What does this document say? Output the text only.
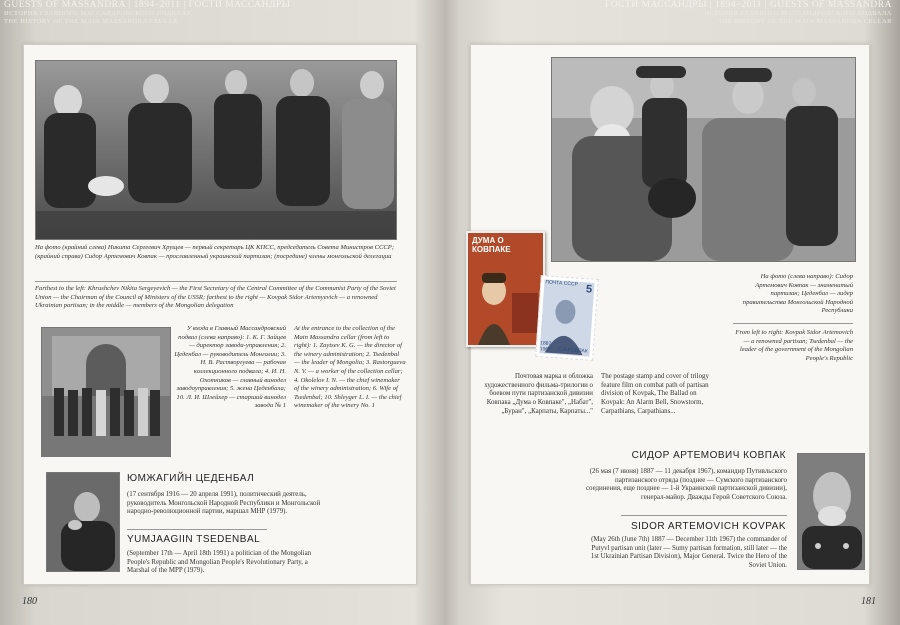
GUESTS OF MASSANDRA | 1894–2011 | ГОСТИ МАССАНДРЫ
ИСТОРИЯ ГЛАВНОГО МАССАНДРОВСКОГО ПОДВАЛА
THE HISTORY OF THE MAIN MASSANDRA CELLAR
На фото (крайний слева) Никита Сергеевич Хрущев — первый секретарь ЦК КПСС, председатель Совета Министров СССР; (крайний справа) Сидор Артемович Ковпак — прославленный украинский партизан; (посредине) члены монгольской делегации
Farthest to the left: Khrushchev Nikita Sergeyevich — the First Secretary of the Central Committee of the Communist Party of the Soviet Union — the Chairman of the Council of Ministers of the USSR; farthest to the right — Kovpak Sidor Artemyevich — a renowned Ukrainian partisan; in the middle — members of the Mongolian delegation
У входа в Главный Массандровский подвал (слева направо): 1. К. Г. Зайцев — директор завода-управления; 2. Цеденбал — руководитель Монголии; 3. Н. В. Растворгуева — рабочая коллекционного подвала; 4. И. Н. Охотников — главный винодел заводоуправления; 5. жена Цеденбала; 10. Л. И. Шлейхер — старший винодел завода № 1
At the entrance to the collection of the Main Massandra cellar (from left to right): 1. Zaytsev K. G. — the director of the winery administration; 2. Tsedenbal — the leader of Mongolia; 3. Rastorgueva N. V. — a worker of the collection cellar; 4. Okolelov I. N. — the chief winemaker of the winery administration; 6. Wife of Tsedenbal; 10. Shleyger L. I. — the chief winemaker of the winery No. 1
ЮМЖАГИЙН ЦЕДЕНБАЛ
(17 сентября 1916 — 20 апреля 1991), политический деятель, руководитель Монгольской Народной Республики и Монгольской народно-революционной партии, маршал МНР (1979).
YUMJAAGIIN TSEDENBAL
(September 17th — April 18th 1991) a politician of the Mongolian People's Republic and Mongolian People's Revolutionary Party, a Marshal of the MPP (1979).
180
ГОСТИ МАССАНДРЫ | 1894–2011 | GUESTS OF MASSANDRA
ИСТОРИЯ ГЛАВНОГО МАССАНДРОВСКОГО ПОДВАЛА
THE HISTORY OF THE MAIN MASSANDRA CELLAR
ДУМА О КОВПАКЕ
ПОЧТА СССР 5
1887 1967	С.А.КОВПАК
На фото (слева направо): Сидор Артемович Ковпак — знаменитый партизан; Цеденбал — лидер правительства Монгольской Народной Республики
From left to right: Kovpak Sidor Artemovich — a renowned partisan; Tsedenbal — the leader of the government of the Mongolian People's Republic
Почтовая марка и обложка художественного фильма-трилогии о боевом пути партизанской дивизии Ковпака „Дума о Ковпаке", „Набат", „Буран", „Карпаты, Карпаты..."
The postage stamp and cover of trilogy feature film on combat path of partisan division of Kovpak, The Ballad on Kovpak: An Alarm Bell, Snowstorm, Carpathians, Carpathians...
СИДОР АРТЕМОВИЧ КОВПАК
(26 мая (7 июня) 1887 — 11 декабря 1967), командир Путивльского партизанского отряда (позднее — Сумского партизанского соединения, еще позднее — 1-й Украинской партизанской дивизии), генерал-майор. Дважды Герой Советского Союза.
SIDOR ARTEMOVICH KOVPAK
(May 26th (June 7th) 1887 — December 11th 1967) the commander of Putyvl partisan unit (later — Sumy partisan formation, still later — the 1st Ukrainian Partisan Division), Major General. Twice the Hero of the Soviet Union.
181
